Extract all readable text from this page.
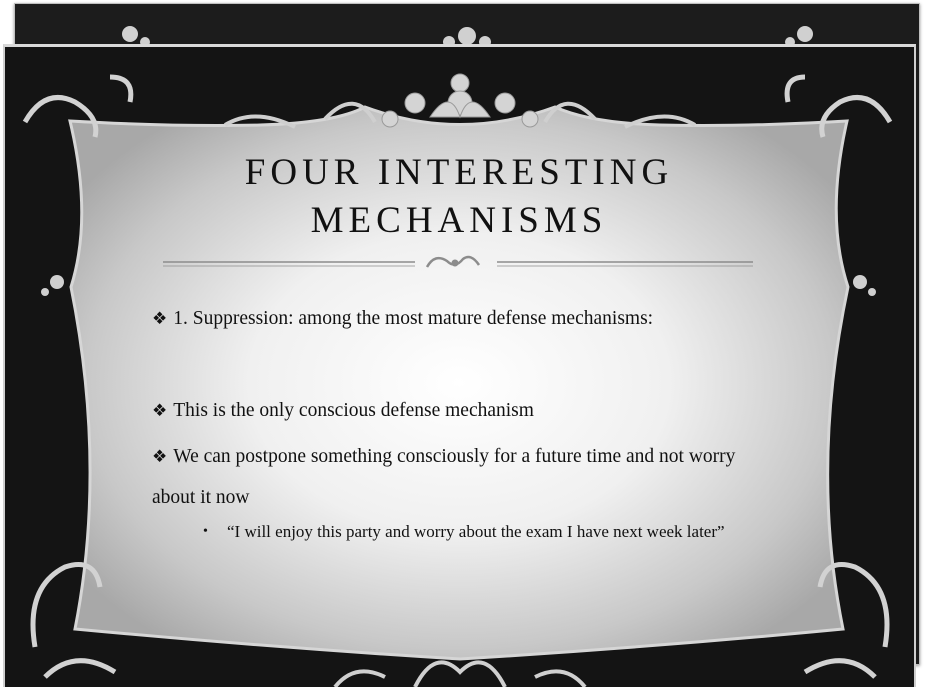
FOUR INTERESTING
MECHANISMS
❖ 1. Suppression: among the most mature defense mechanisms:
❖ This is the only conscious defense mechanism
❖ We can postpone something consciously for a future time and not worry about it now
•	“I will enjoy this party and worry about the exam I have next week later”
